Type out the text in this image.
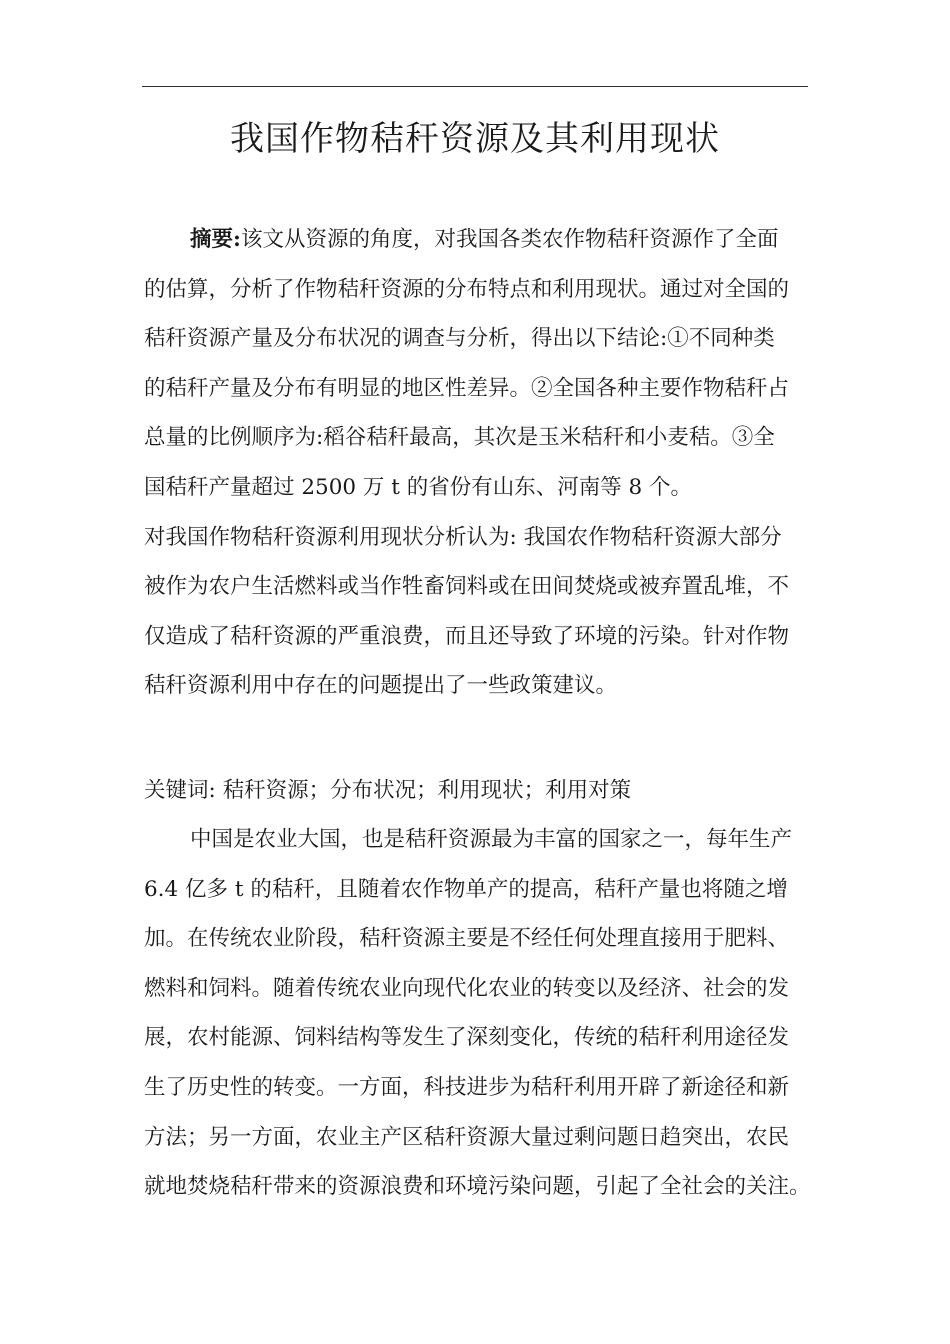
我国作物秸秆资源及其利用现状
摘要:该文从资源的角度，对我国各类农作物秸秆资源作了全面
的估算，分析了作物秸秆资源的分布特点和利用现状。通过对全国的
秸秆资源产量及分布状况的调查与分析，得出以下结论:①不同种类
的秸秆产量及分布有明显的地区性差异。②全国各种主要作物秸秆占
总量的比例顺序为:稻谷秸秆最高，其次是玉米秸秆和小麦秸。③全
国秸秆产量超过 2500 万 t 的省份有山东、河南等 8 个。
对我国作物秸秆资源利用现状分析认为: 我国农作物秸秆资源大部分
被作为农户生活燃料或当作牲畜饲料或在田间焚烧或被弃置乱堆，不
仅造成了秸秆资源的严重浪费，而且还导致了环境的污染。针对作物
秸秆资源利用中存在的问题提出了一些政策建议。
关键词: 秸秆资源；分布状况；利用现状；利用对策
中国是农业大国，也是秸秆资源最为丰富的国家之一，每年生产
6.4 亿多 t 的秸秆，且随着农作物单产的提高，秸秆产量也将随之增
加。在传统农业阶段，秸秆资源主要是不经任何处理直接用于肥料、
燃料和饲料。随着传统农业向现代化农业的转变以及经济、社会的发
展，农村能源、饲料结构等发生了深刻变化，传统的秸秆利用途径发
生了历史性的转变。一方面，科技进步为秸秆利用开辟了新途径和新
方法；另一方面，农业主产区秸秆资源大量过剩问题日趋突出，农民
就地焚烧秸秆带来的资源浪费和环境污染问题，引起了全社会的关注。
